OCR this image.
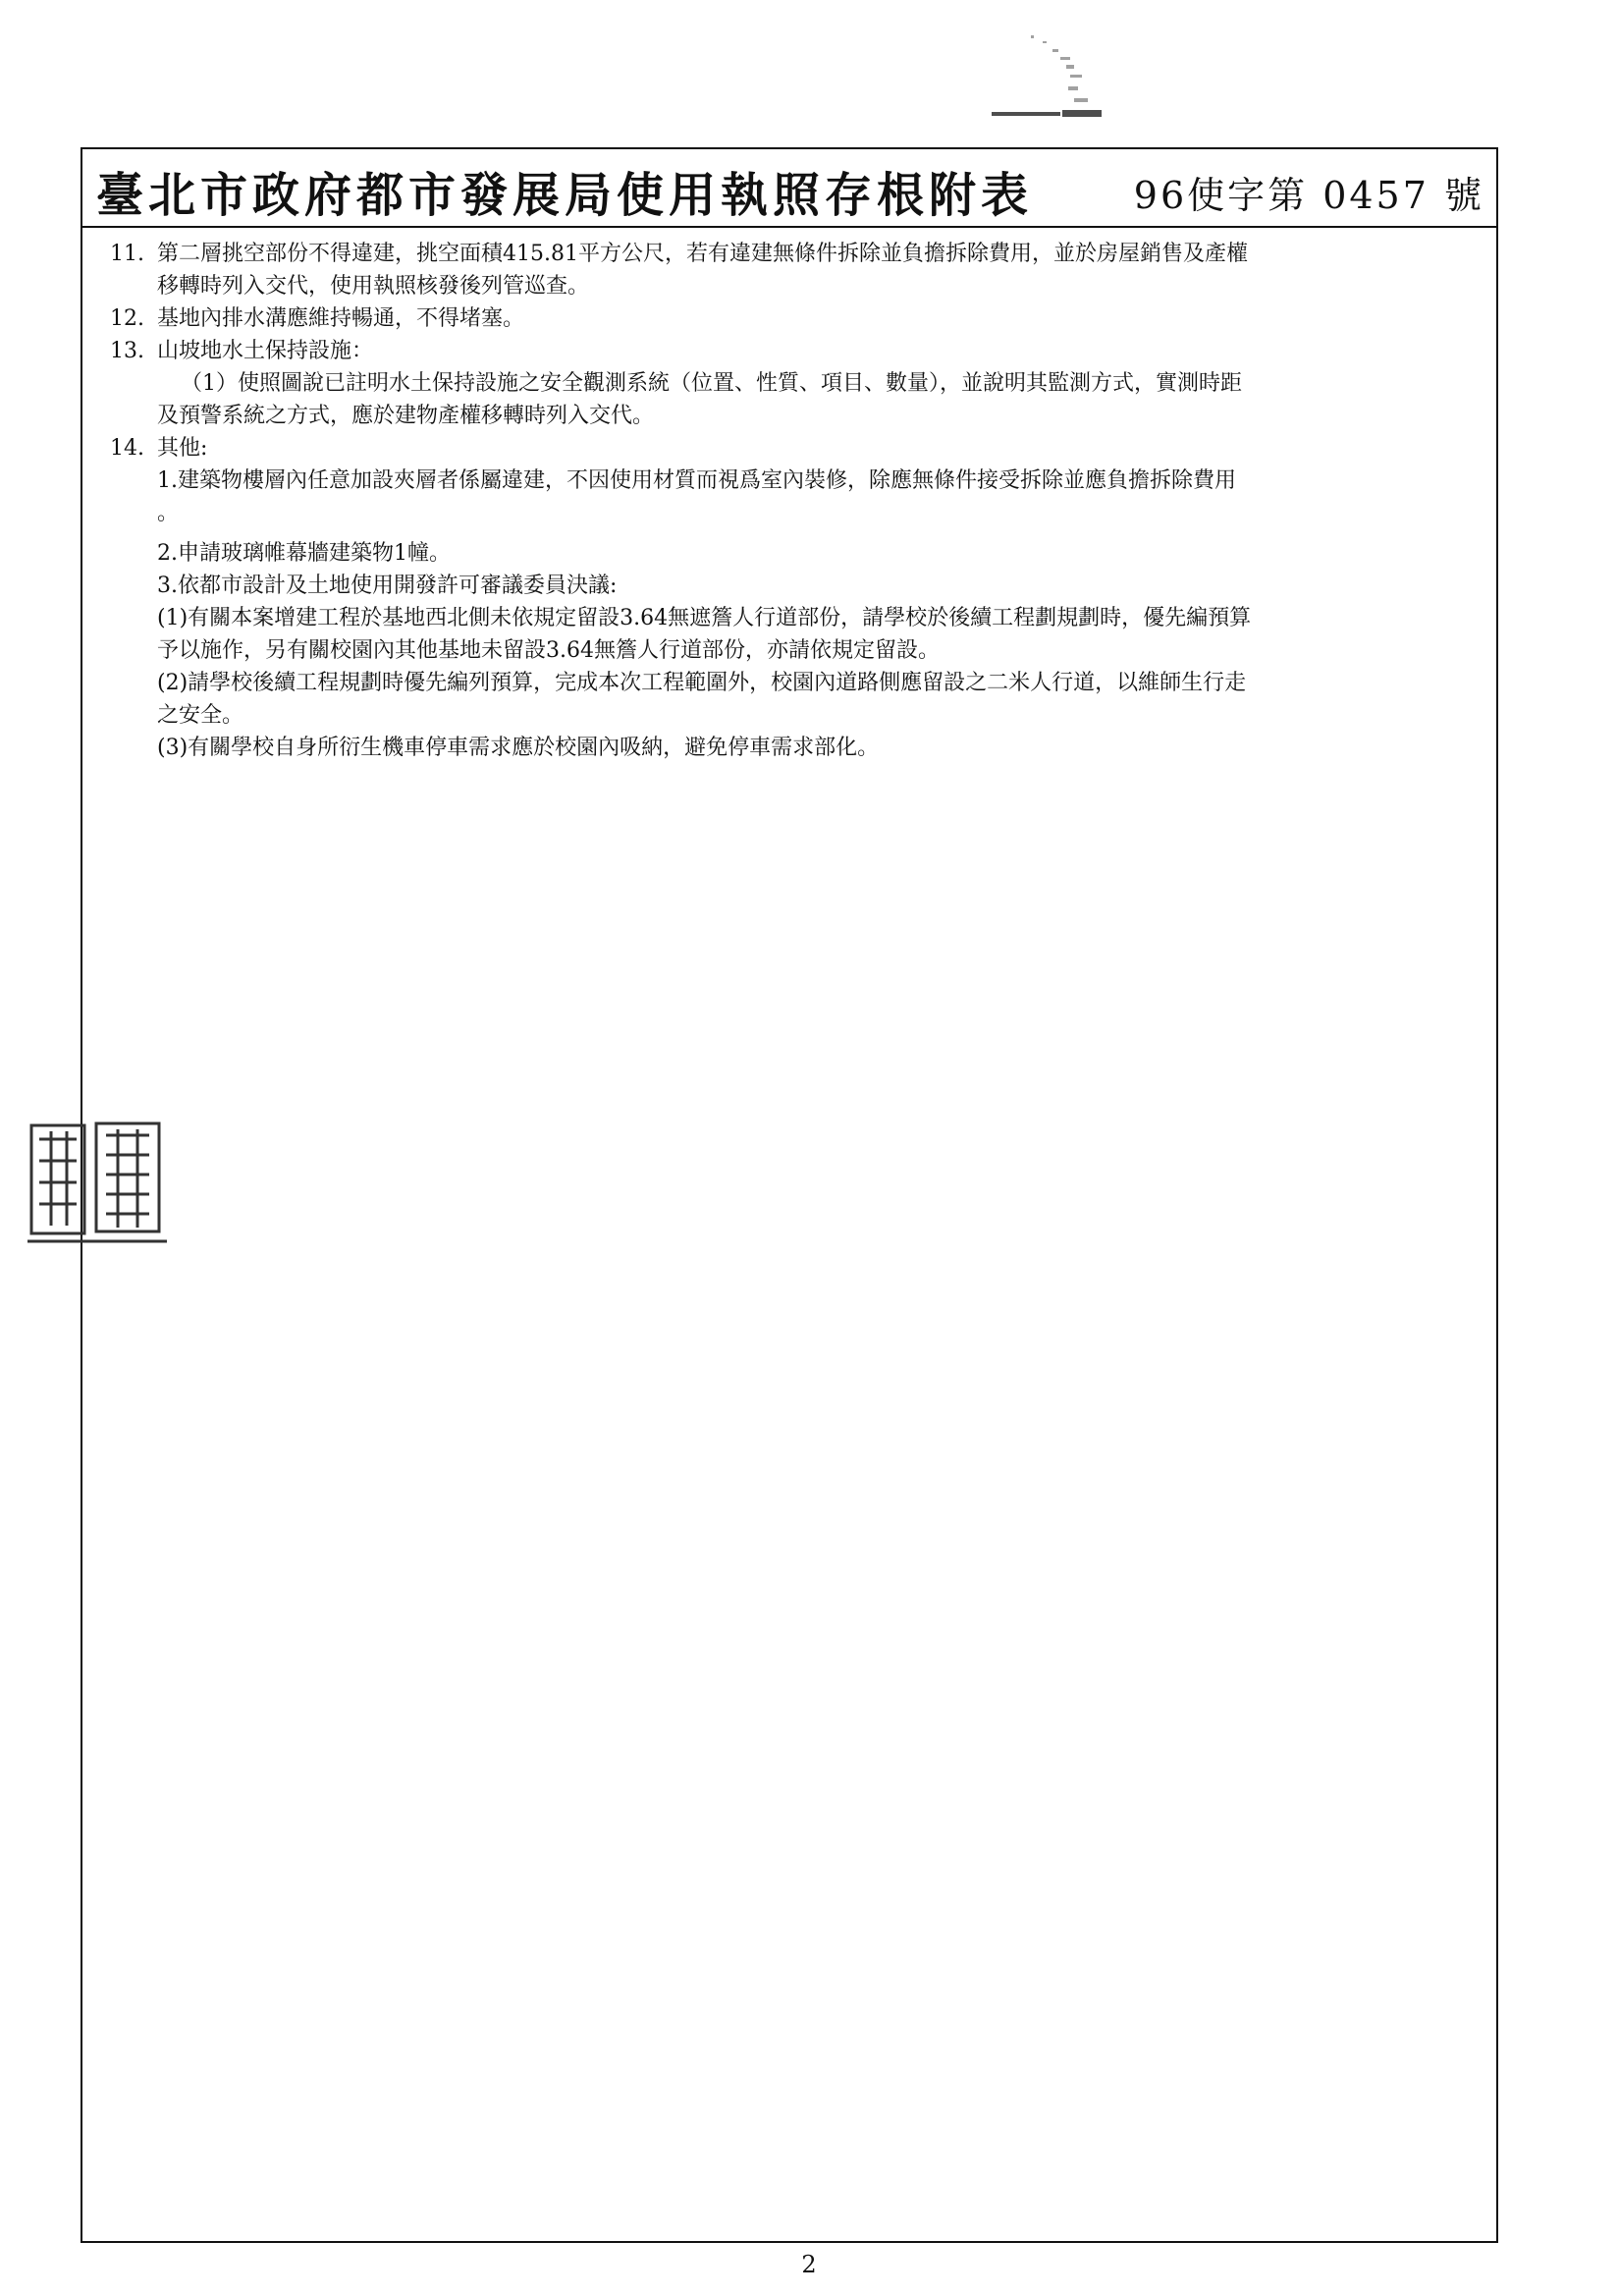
臺北市政府都市發展局使用執照存根附表	96使字第 0457 號
11. 第二層挑空部份不得違建，挑空面積415.81平方公尺，若有違建無條件拆除並負擔拆除費用，並於房屋銷售及產權
移轉時列入交代，使用執照核發後列管巡查。
12. 基地內排水溝應維持暢通，不得堵塞。
13. 山坡地水土保持設施：
（1）使照圖說已註明水土保持設施之安全觀測系統（位置、性質、項目、數量），並說明其監測方式，實測時距
及預警系統之方式，應於建物產權移轉時列入交代。
14. 其他:
1.建築物樓層內任意加設夾層者係屬違建，不因使用材質而視爲室內裝修，除應無條件接受拆除並應負擔拆除費用
。
2.申請玻璃帷幕牆建築物1幢。
3.依都市設計及土地使用開發許可審議委員決議:
(1)有關本案增建工程於基地西北側未依規定留設3.64無遮簷人行道部份，請學校於後續工程劃規劃時，優先編預算
予以施作，另有關校園內其他基地未留設3.64無簷人行道部份，亦請依規定留設。
(2)請學校後續工程規劃時優先編列預算，完成本次工程範圍外，校園內道路側應留設之二米人行道，以維師生行走
之安全。
(3)有關學校自身所衍生機車停車需求應於校園內吸納，避免停車需求部化。
2
